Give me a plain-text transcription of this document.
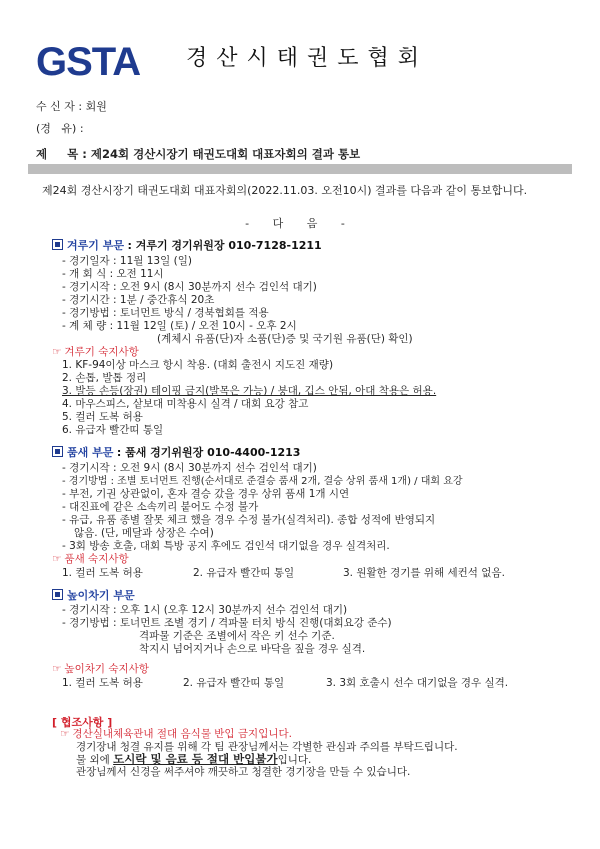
GSTA	경산시태권도협회
수 신 자 : 회원
(경   유) :
제     목 : 제24회 경산시장기 태권도대회 대표자회의 결과 통보
제24회 경산시장기 태권도대회 대표자회의(2022.11.03. 오전10시) 결과를 다음과 같이 통보합니다.
- 다 음 -
겨루기 부문 : 겨루기 경기위원장 010-7128-1211
- 경기일자 : 11월 13일 (일)
- 개 회 식 : 오전 11시
- 경기시작 : 오전 9시 (8시 30분까지 선수 검인석 대기)
- 경기시간 : 1분 / 중간휴식 20초
- 경기방법 : 토너먼트 방식 / 경북협회를 적용
- 계 체 량 : 11월 12일 (토) / 오전 10시 - 오후 2시
(계체시 유품(단)자 소품(단)증 및 국기원 유품(단) 확인)
☞ 겨루기 숙지사항
1. KF-94이상 마스크 항시 착용. (대회 출전시 지도진 재량)
2. 손톱, 발톱 정리
3. 발등 손등(장권) 테이핑 금지(발목은 가능) / 붕대, 깁스 안됨, 아대 착용은 허용.
4. 마우스피스, 샅보대 미착용시 실격 / 대회 요강 참고
5. 컬러 도복 허용
6. 유급자 빨간띠 통일
품새 부문 : 품새 경기위원장 010-4400-1213
- 경기시작 : 오전 9시 (8시 30분까지 선수 검인석 대기)
- 경기방법 : 조별 토너먼트 진행(순서대로 준결승 품새 2개, 결승 상위 품새 1개) / 대회 요강
- 부전, 기권 상관없이, 혼자 결승 갔을 경우 상위 품새 1개 시연
- 대진표에 같은 소속끼리 붙어도 수정 불가
- 유급, 유품 종별 잘못 체크 했을 경우 수정 불가(실격처리). 종합 성적에 반영되지
않음. (단, 메달과 상장은 수여)
- 3회 방송 호출, 대회 특방 공지 후에도 검인석 대기없을 경우 실격처리.
☞ 품새 숙지사항
1. 컬러 도복 허용	2. 유급자 빨간띠 통일	3. 원활한 경기를 위해 세컨석 없음.
높이차기 부문
- 경기시작 : 오후 1시 (오후 12시 30분까지 선수 검인석 대기)
- 경기방법 : 토너먼트 조별 경기 / 격파물 터치 방식 진행(대회요강 준수)
격파물 기준은 조별에서 작은 키 선수 기준.
착지시 넘어지거나 손으로 바닥을 짚을 경우 실격.
☞ 높이차기 숙지사항
1. 컬러 도복 허용	2. 유급자 빨간띠 통일	3. 3회 호출시 선수 대기없을 경우 실격.
[ 협조사항 ]
☞ 경산실내체육관내 절대 음식물 반입 금지입니다.
경기장내 청결 유지를 위해 각 팀 관장님께서는 각별한 관심과 주의를 부탁드립니다.
물 외에 도시락 및 음료 등 절대 반입불가입니다.
관장님께서 신경을 써주셔야 깨끗하고 청결한 경기장을 만들 수 있습니다.
